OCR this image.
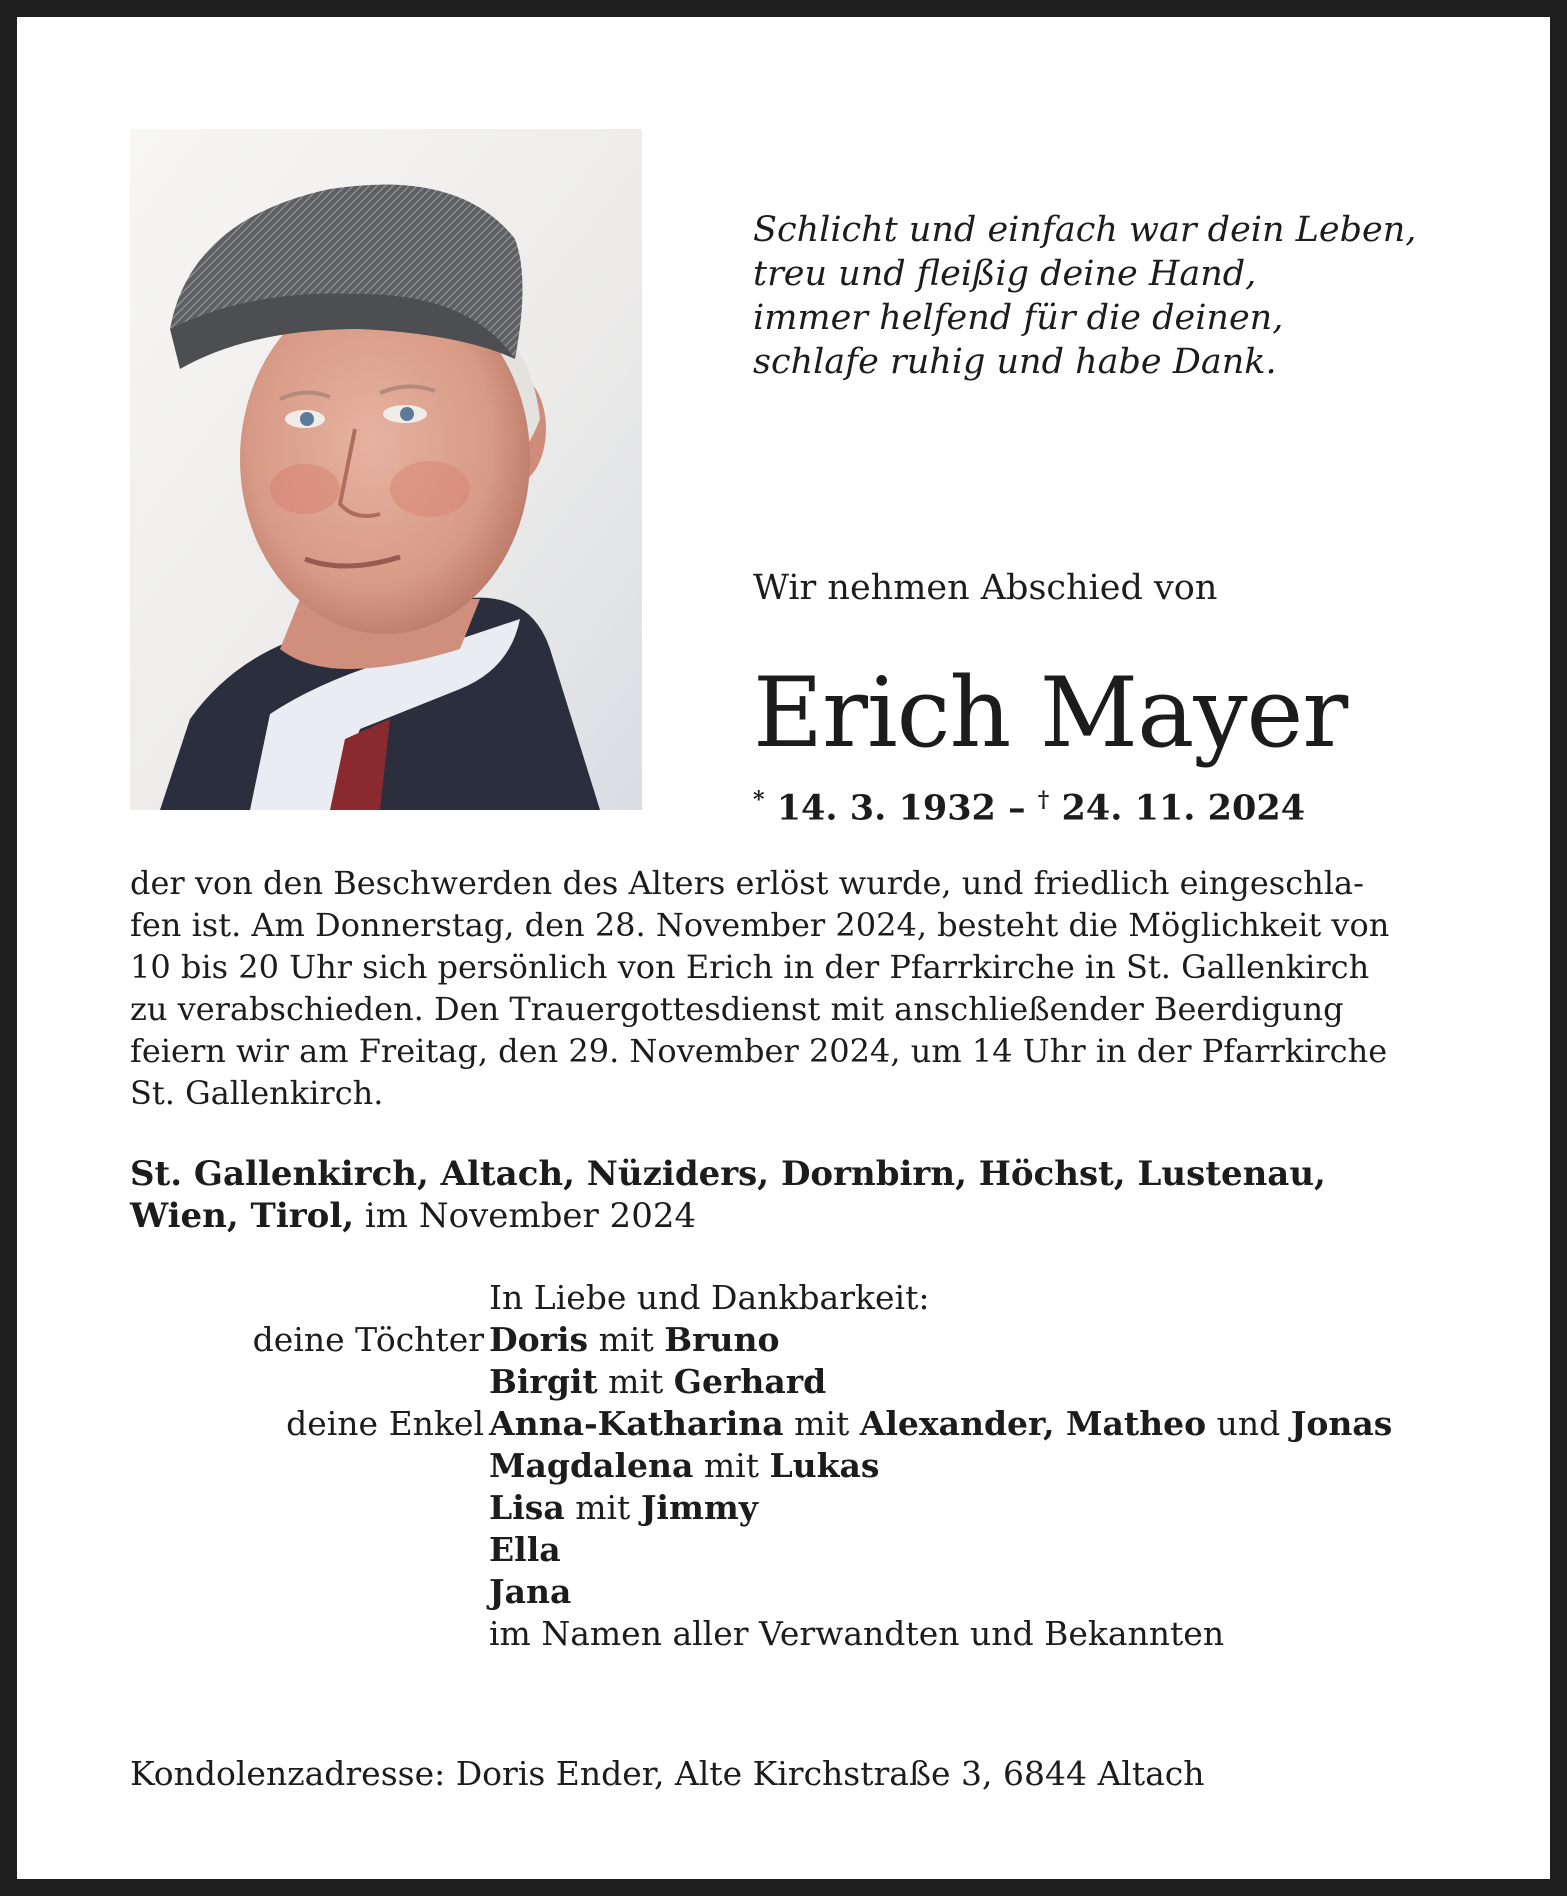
Schlicht und einfach war dein Leben,
treu und fleißig deine Hand,
immer helfend für die deinen,
schlafe ruhig und habe Dank.
Wir nehmen Abschied von
Erich Mayer
* 14. 3. 1932 – † 24. 11. 2024
der von den Beschwerden des Alters erlöst wurde, und friedlich eingeschla-
fen ist. Am Donnerstag, den 28. November 2024, besteht die Möglichkeit von
10 bis 20 Uhr sich persönlich von Erich in der Pfarrkirche in St. Gallenkirch
zu verabschieden. Den Trauergottesdienst mit anschließender Beerdigung
feiern wir am Freitag, den 29. November 2024, um 14 Uhr in der Pfarrkirche
St. Gallenkirch.
St. Gallenkirch, Altach, Nüziders, Dornbirn, Höchst, Lustenau,
Wien, Tirol, im November 2024
In Liebe und Dankbarkeit:
deine Töchter Doris mit Bruno
Birgit mit Gerhard
deine Enkel Anna-Katharina mit Alexander, Matheo und Jonas
Magdalena mit Lukas
Lisa mit Jimmy
Ella
Jana
im Namen aller Verwandten und Bekannten
Kondolenzadresse: Doris Ender, Alte Kirchstraße 3, 6844 Altach
